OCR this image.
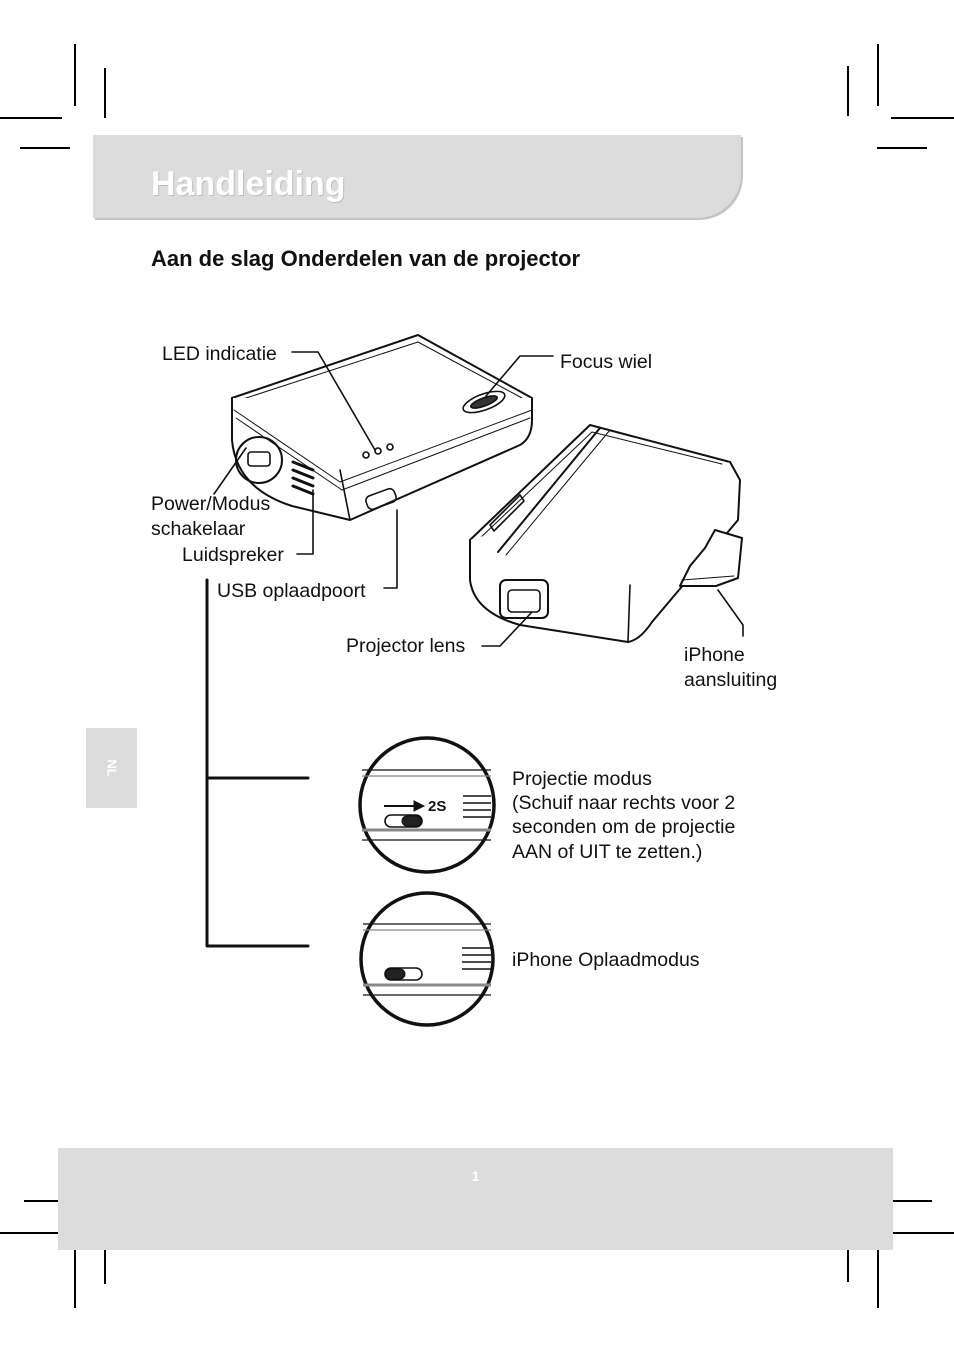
Handleiding
Aan de slag Onderdelen van de projector
NL
2S
LED indicatie	Focus wiel
Power/Modus
schakelaar
Luidspreker
USB oplaadpoort
Projector lens	iPhone
aansluiting
Projectie modus
(Schuif naar rechts voor 2
seconden om de projectie
AAN of UIT te zetten.)
iPhone Oplaadmodus
1
